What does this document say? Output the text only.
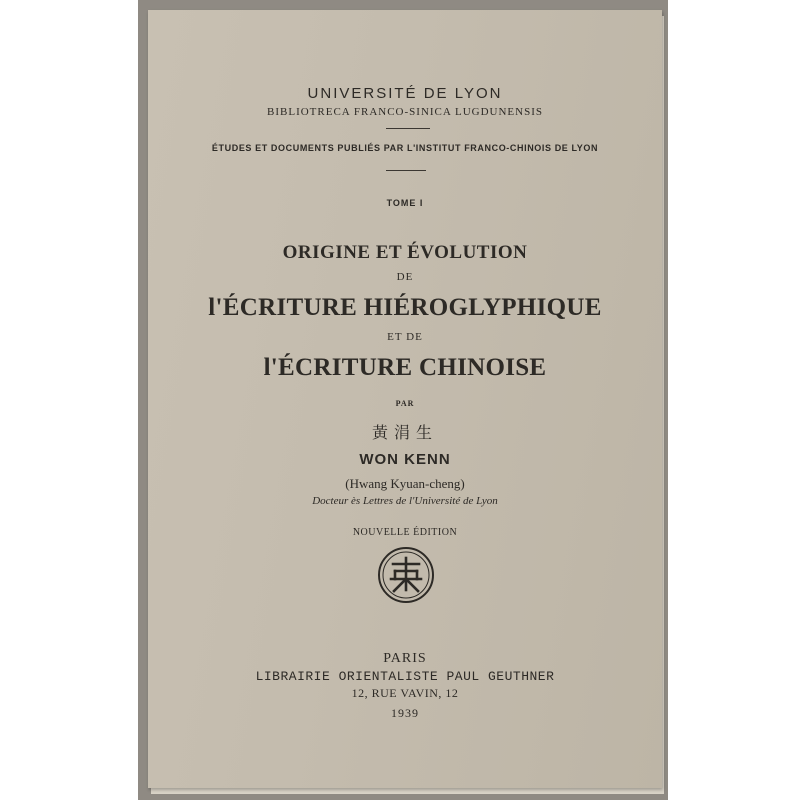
UNIVERSITÉ DE LYON
BIBLIOTRECA FRANCO-SINICA LUGDUNENSIS
ÉTUDES ET DOCUMENTS PUBLIÉS PAR L'INSTITUT FRANCO-CHINOIS DE LYON
TOME I
ORIGINE ET ÉVOLUTION
DE
l'ÉCRITURE HIÉROGLYPHIQUE
ET DE
l'ÉCRITURE CHINOISE
PAR
黃涓生
WON KENN
(Hwang Kyuan-cheng)
Docteur ès Lettres de l'Université de Lyon
NOUVELLE ÉDITION
PARIS
LIBRAIRIE ORIENTALISTE PAUL GEUTHNER
12, RUE VAVIN, 12
1939
